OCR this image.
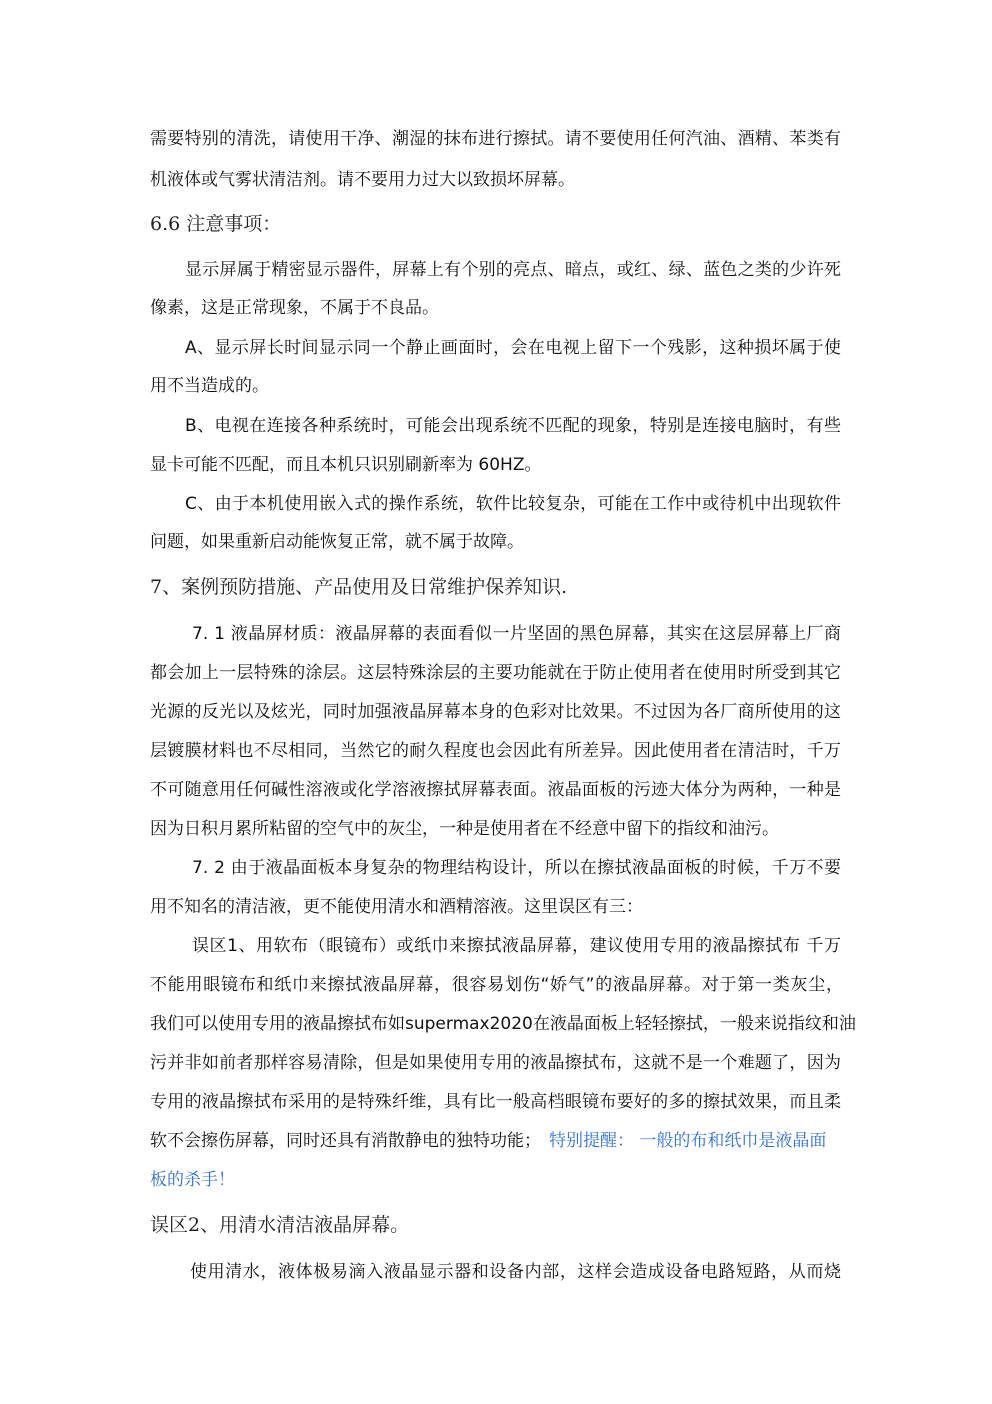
需要特别的清洗，请使用干净、潮湿的抹布进行擦拭。请不要使用任何汽油、酒精、苯类有
机液体或气雾状清洁剂。请不要用力过大以致损坏屏幕。
6.6 注意事项：
显示屏属于精密显示器件，屏幕上有个别的亮点、暗点，或红、绿、蓝色之类的少许死
像素，这是正常现象，不属于不良品。
A、显示屏长时间显示同一个静止画面时，会在电视上留下一个残影，这种损坏属于使
用不当造成的。
B、电视在连接各种系统时，可能会出现系统不匹配的现象，特别是连接电脑时，有些
显卡可能不匹配，而且本机只识别刷新率为 60HZ。
C、由于本机使用嵌入式的操作系统，软件比较复杂，可能在工作中或待机中出现软件
问题，如果重新启动能恢复正常，就不属于故障。
7、案例预防措施、产品使用及日常维护保养知识.
7. 1 液晶屏材质：液晶屏幕的表面看似一片坚固的黑色屏幕，其实在这层屏幕上厂商
都会加上一层特殊的涂层。这层特殊涂层的主要功能就在于防止使用者在使用时所受到其它
光源的反光以及炫光，同时加强液晶屏幕本身的色彩对比效果。不过因为各厂商所使用的这
层镀膜材料也不尽相同，当然它的耐久程度也会因此有所差异。因此使用者在清洁时，千万
不可随意用任何碱性溶液或化学溶液擦拭屏幕表面。液晶面板的污迹大体分为两种，一种是
因为日积月累所粘留的空气中的灰尘，一种是使用者在不经意中留下的指纹和油污。
7. 2 由于液晶面板本身复杂的物理结构设计，所以在擦拭液晶面板的时候，千万不要
用不知名的清洁液，更不能使用清水和酒精溶液。这里误区有三：
误区1、用软布（眼镜布）或纸巾来擦拭液晶屏幕，建议使用专用的液晶擦拭布 千万
不能用眼镜布和纸巾来擦拭液晶屏幕，很容易划伤“娇气”的液晶屏幕。对于第一类灰尘，
我们可以使用专用的液晶擦拭布如supermax2020在液晶面板上轻轻擦拭，一般来说指纹和油
污并非如前者那样容易清除，但是如果使用专用的液晶擦拭布，这就不是一个难题了，因为
专用的液晶擦拭布采用的是特殊纤维，具有比一般高档眼镜布要好的多的擦拭效果，而且柔
软不会擦伤屏幕，同时还具有消散静电的独特功能； 特别提醒： 一般的布和纸巾是液晶面
板的杀手！
误区2、用清水清洁液晶屏幕。
使用清水，液体极易滴入液晶显示器和设备内部，这样会造成设备电路短路，从而烧
